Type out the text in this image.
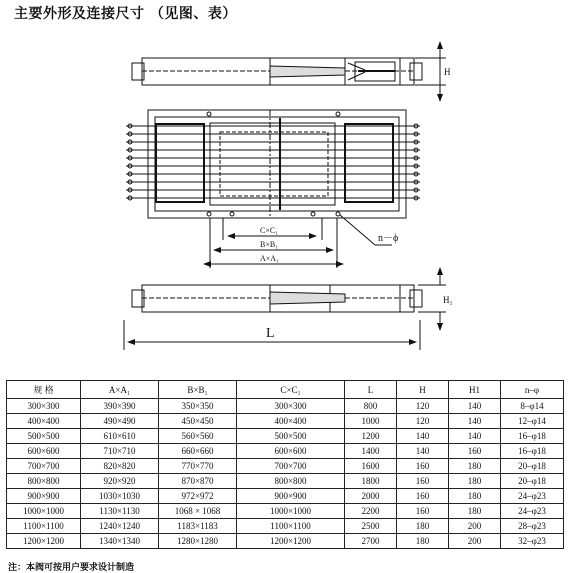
主要外形及连接尺寸 （见图、表）
H
C×C₁
B×B₁
A×A₁
n－ϕ
H₁
L
规 格	A×A₁	B×B₁	C×C₁	L	H	H1	n–φ
300×300	390×390	350×350	300×300	800	120	140	8–φ14
400×400	490×490	450×450	400×400	1000	120	140	12–φ14
500×500	610×610	560×560	500×500	1200	140	140	16–φ18
600×600	710×710	660×660	600×600	1400	140	160	16–φ18
700×700	820×820	770×770	700×700	1600	160	180	20–φ18
800×800	920×920	870×870	800×800	1800	160	180	20–φ18
900×900	1030×1030	972×972	900×900	2000	160	180	24–φ23
1000×1000	1130×1130	1068 × 1068	1000×1000	2200	160	180	24–φ23
1100×1100	1240×1240	1183×1183	1100×1100	2500	180	200	28–φ23
1200×1200	1340×1340	1280×1280	1200×1200	2700	180	200	32–φ23
注：本阀可按用户要求设计制造
